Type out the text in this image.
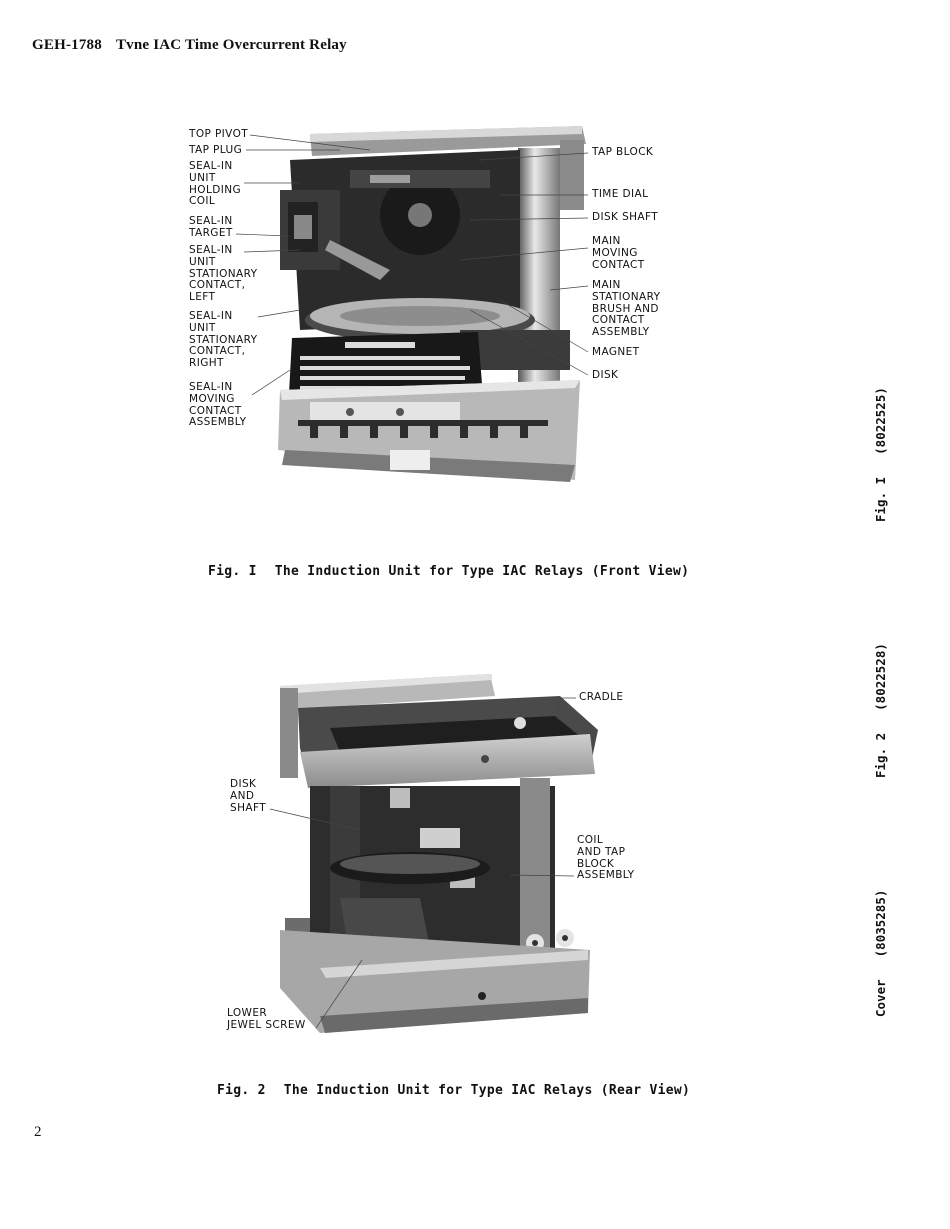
GEH-1788 Tvne IAC Time Overcurrent Relay
TOP PIVOT
TAP PLUG
SEAL-IN
UNIT
HOLDING
COIL
SEAL-IN
TARGET
SEAL-IN
UNIT
STATIONARY
CONTACT,
LEFT
SEAL-IN
UNIT
STATIONARY
CONTACT,
RIGHT
SEAL-IN
MOVING
CONTACT
ASSEMBLY
TAP BLOCK
TIME DIAL
DISK SHAFT
MAIN
MOVING
CONTACT
MAIN
STATIONARY
BRUSH AND
CONTACT
ASSEMBLY
MAGNET
DISK
Fig. I The Induction Unit for Type IAC Relays (Front View)
CRADLE
DISK
AND
SHAFT
COIL
AND TAP
BLOCK
ASSEMBLY
LOWER
JEWEL SCREW
Fig. 2 The Induction Unit for Type IAC Relays (Rear View)
Fig. I(8022525)
Fig. 2(8022528)
Cover(8035285)
2
